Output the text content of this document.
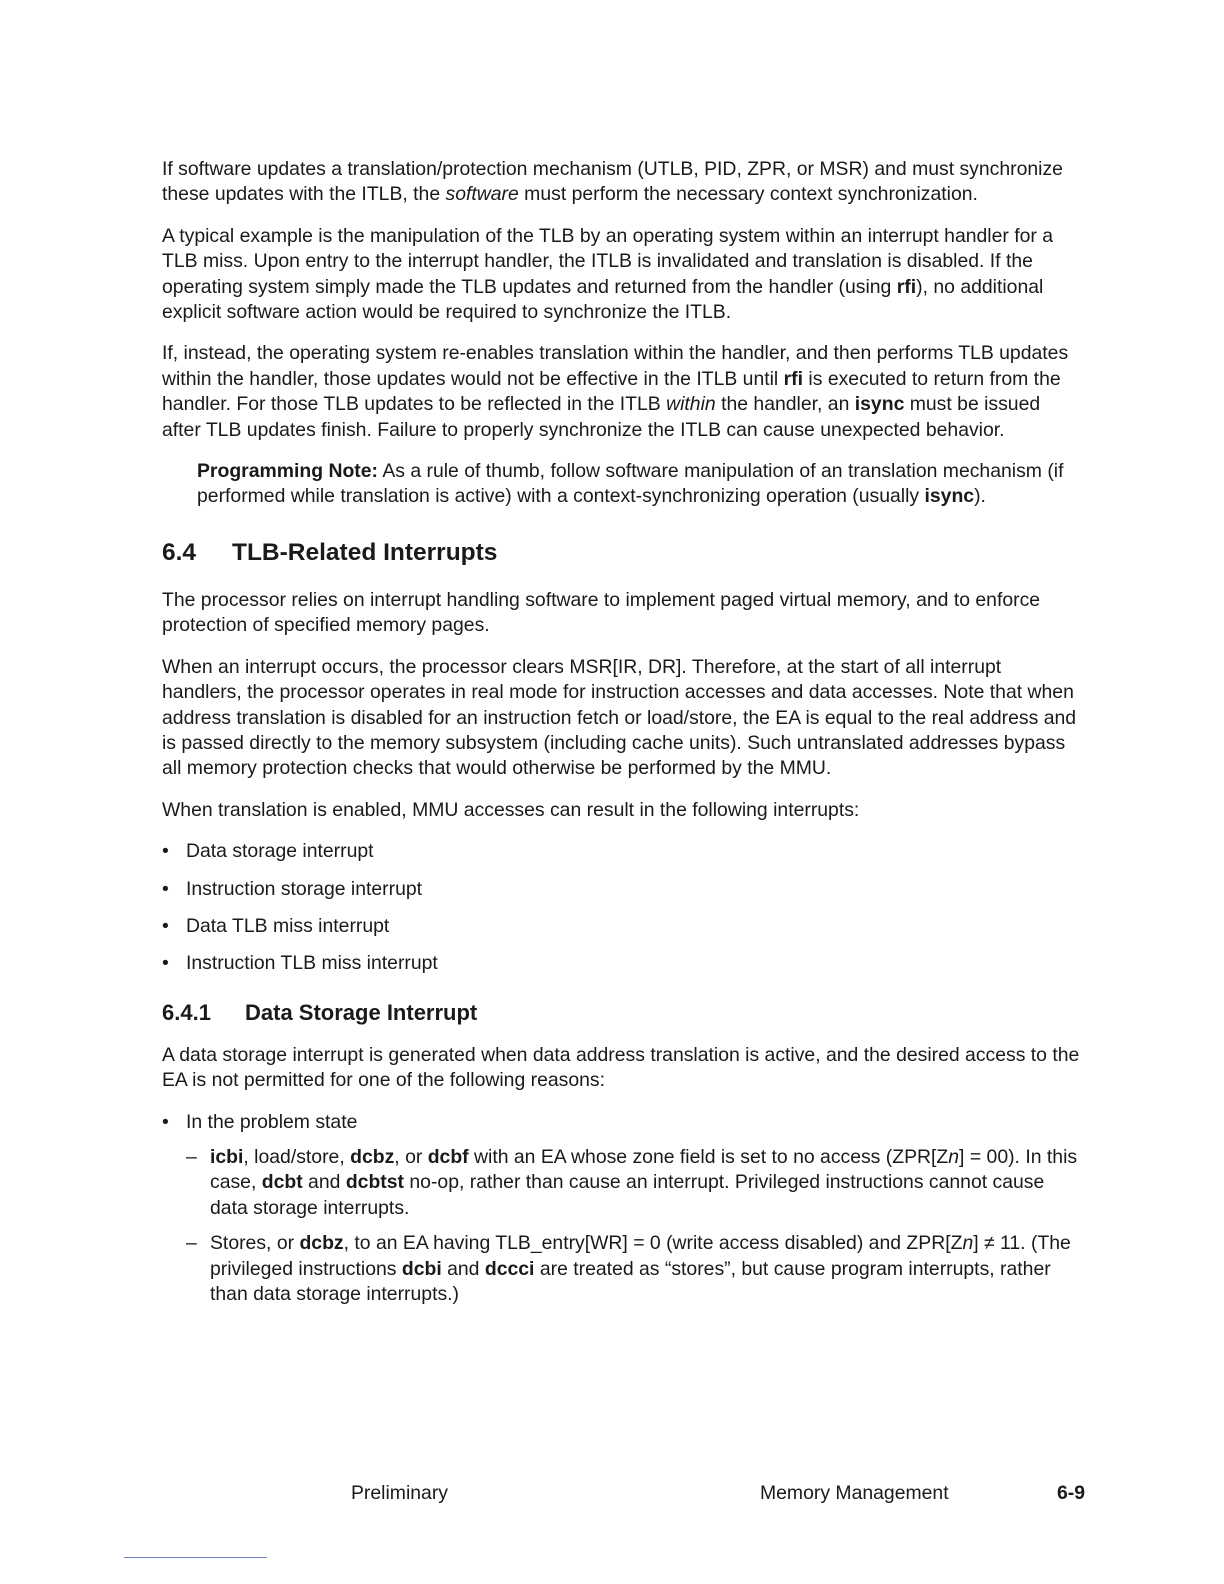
If software updates a translation/protection mechanism (UTLB, PID, ZPR, or MSR) and must synchronize these updates with the ITLB, the software must perform the necessary context synchronization.

A typical example is the manipulation of the TLB by an operating system within an interrupt handler for a TLB miss. Upon entry to the interrupt handler, the ITLB is invalidated and translation is disabled. If the operating system simply made the TLB updates and returned from the handler (using rfi), no additional explicit software action would be required to synchronize the ITLB.

If, instead, the operating system re-enables translation within the handler, and then performs TLB updates within the handler, those updates would not be effective in the ITLB until rfi is executed to return from the handler. For those TLB updates to be reflected in the ITLB within the handler, an isync must be issued after TLB updates finish. Failure to properly synchronize the ITLB can cause unexpected behavior.

Programming Note: As a rule of thumb, follow software manipulation of an translation mechanism (if performed while translation is active) with a context-synchronizing operation (usually isync).

6.4 TLB-Related Interrupts

The processor relies on interrupt handling software to implement paged virtual memory, and to enforce protection of specified memory pages.

When an interrupt occurs, the processor clears MSR[IR, DR]. Therefore, at the start of all interrupt handlers, the processor operates in real mode for instruction accesses and data accesses. Note that when address translation is disabled for an instruction fetch or load/store, the EA is equal to the real address and is passed directly to the memory subsystem (including cache units). Such untranslated addresses bypass all memory protection checks that would otherwise be performed by the MMU.

When translation is enabled, MMU accesses can result in the following interrupts:

• Data storage interrupt
• Instruction storage interrupt
• Data TLB miss interrupt
• Instruction TLB miss interrupt
6.4.1 Data Storage Interrupt

A data storage interrupt is generated when data address translation is active, and the desired access to the EA is not permitted for one of the following reasons:

• In the problem state
– icbi, load/store, dcbz, or dcbf with an EA whose zone field is set to no access (ZPR[Zn] = 00). In this case, dcbt and dcbtst no-op, rather than cause an interrupt. Privileged instructions cannot cause data storage interrupts.
– Stores, or dcbz, to an EA having TLB_entry[WR] = 0 (write access disabled) and ZPR[Zn] ≠ 11. (The privileged instructions dcbi and dccci are treated as “stores”, but cause program interrupts, rather than data storage interrupts.)
Preliminary	Memory Management	6-9
